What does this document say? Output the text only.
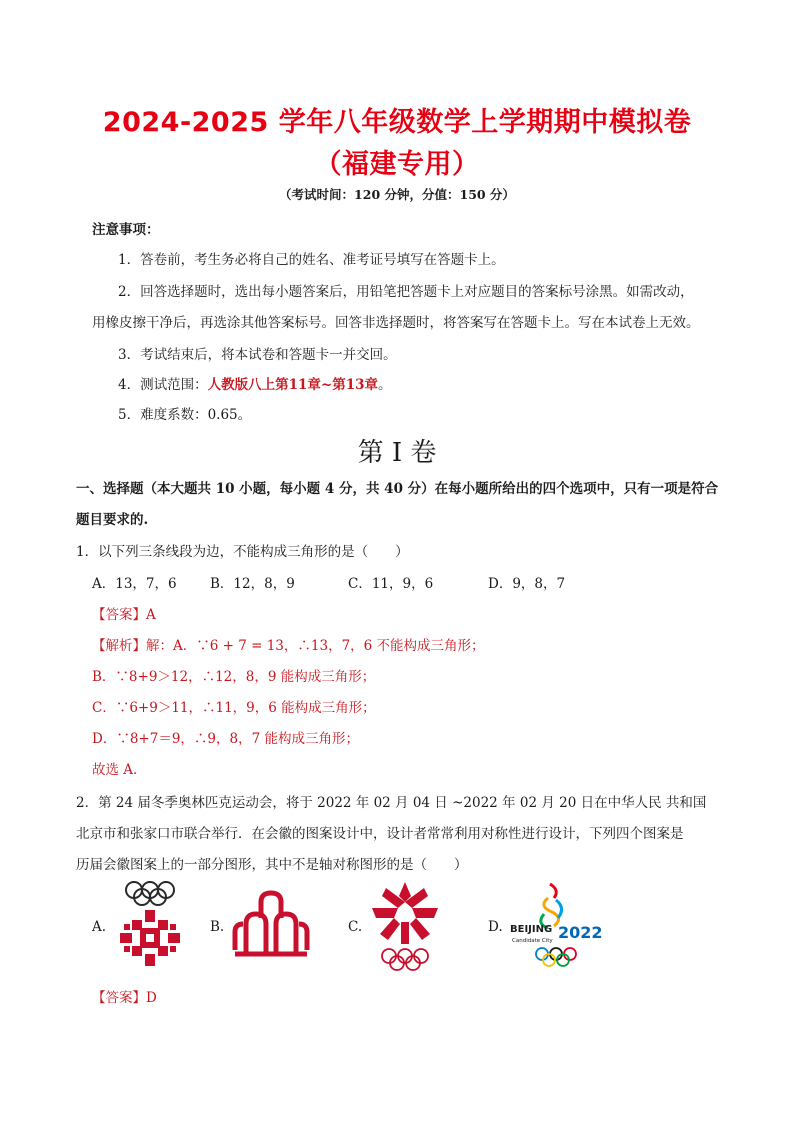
2024-2025 学年八年级数学上学期期中模拟卷
（福建专用）
（考试时间：120 分钟，分值：150 分）
注意事项：
1．答卷前，考生务必将自己的姓名、准考证号填写在答题卡上。
2．回答选择题时，选出每小题答案后，用铅笔把答题卡上对应题目的答案标号涂黑。如需改动，
用橡皮擦干净后，再选涂其他答案标号。回答非选择题时，将答案写在答题卡上。写在本试卷上无效。
3．考试结束后，将本试卷和答题卡一并交回。
4．测试范围：人教版八上第11章~第13章。
5．难度系数：0.65。
第 I 卷
一、选择题（本大题共 10 小题，每小题 4 分，共 40 分）在每小题所给出的四个选项中，只有一项是符合
题目要求的.
1．以下列三条线段为边，不能构成三角形的是（　　）
A．13，7，6 B．12，8，9	C．11，9，6	D．9，8，7
【答案】A
【解析】解：A．∵6 + 7 = 13，∴13，7，6 不能构成三角形；
B．∵8+9＞12，∴12，8，9 能构成三角形；
C．∵6+9＞11，∴11，9，6 能构成三角形；
D．∵8+7＝9，∴9，8，7 能构成三角形；
故选 A．
2．第 24 届冬季奥林匹克运动会，将于 2022 年 02 月 04 日 ~2022 年 02 月 20 日在中华人民 共和国
北京市和张家口市联合举行．在会徽的图案设计中，设计者常常利用对称性进行设计，下列四个图案是
历届会徽图案上的一部分图形，其中不是轴对称图形的是（　　）
A.	B.	C.	D. BEIJING 2022
Candidate City
【答案】D
